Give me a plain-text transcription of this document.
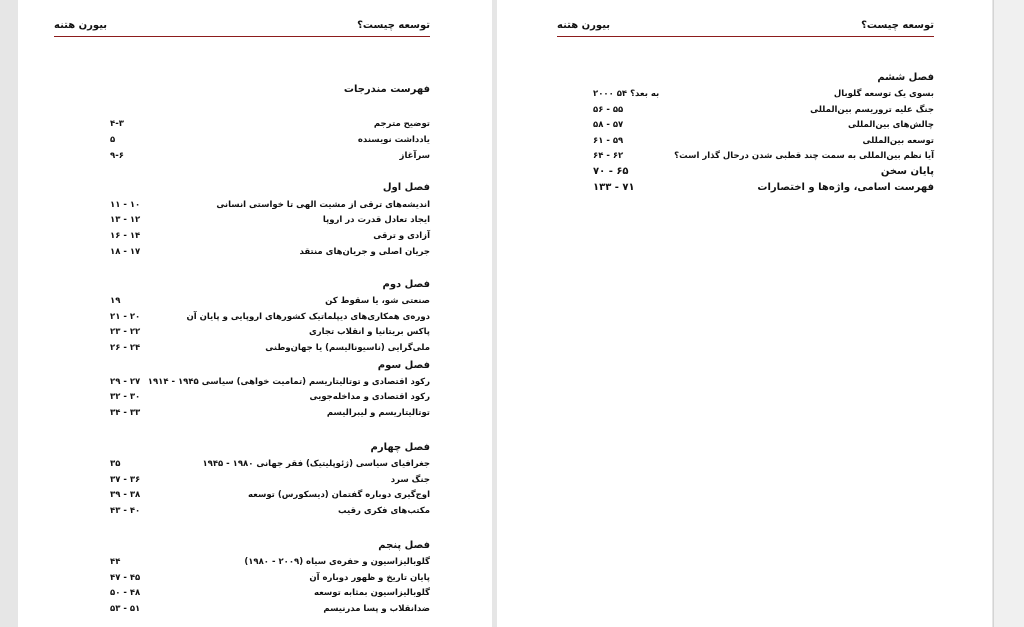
توسعه چیست؟
بیورن هتنه
فهرست مندرجات
توضیح مترجم
۴-۳
یادداشت نویسنده
۵
سرآغاز
۹-۶
فصل اول
اندیشه‌های ترقی از مشیت الهی تا خواستی انسانی
۱۱ - ۱۰
ایجاد تعادل قدرت در اروپا
۱۳ - ۱۲
آزادی و ترقی
۱۶ - ۱۴
جریان اصلی و جریان‌های منتقد
۱۸ - ۱۷
فصل دوم
صنعتی شو، یا سقوط کن
۱۹
دوره‌ی همکاری‌های دیپلماتیک کشورهای اروپایی و پایان آن
۲۱ - ۲۰
پاکس بریتانیا و انقلاب تجاری
۲۳ - ۲۲
ملی‌گرایی (ناسیونالیسم) یا جهان‌وطنی
۲۶ - ۲۴
فصل سوم
رکود اقتصادی و توتالیتاریسم (تمامیت خواهی) سیاسی ۱۹۴۵ - ۱۹۱۴
۲۹ - ۲۷
رکود اقتصادی و مداخله‌جویی
۳۲ - ۳۰
توتالیتاریسم و لیبرالیسم
۳۴ - ۳۳
فصل چهارم
جغرافیای سیاسی (ژئوپلیتیک) فقر جهانی ۱۹۸۰ - ۱۹۴۵
۳۵
جنگ سرد
۳۷ - ۳۶
اوج‌گیری دوباره گفتمان (دیسکورس) توسعه
۳۹ - ۳۸
مکتب‌های فکری رقیب
۴۳ - ۴۰
فصل پنجم
گلوبالیزاسیون و حفره‌ی سیاه (۲۰۰۹ - ۱۹۸۰)
۴۴
پایان تاریخ و ظهور دوباره آن
۴۷ - ۴۵
گلوبالیزاسیون بمثابه توسعه
۵۰ - ۴۸
ضدانقلاب و پسا مدرنیسم
۵۳ - ۵۱
توسعه چیست؟
بیورن هتنه
فصل ششم
بسوی یک توسعه گلوبال
۲۰۰۰ به بعد؟ ۵۴
جنگ علیه تروریسم بین‌المللی
۵۶ - ۵۵
چالش‌های بین‌المللی
۵۸ - ۵۷
توسعه بین‌المللی
۶۱ - ۵۹
آیا نظم بین‌المللی به سمت چند قطبی شدن درحال گذار است؟
۶۴ - ۶۲
پایان سخن
۷۰ - ۶۵
فهرست اسامی، واژه‌ها و اختصارات
۱۳۳ - ۷۱
